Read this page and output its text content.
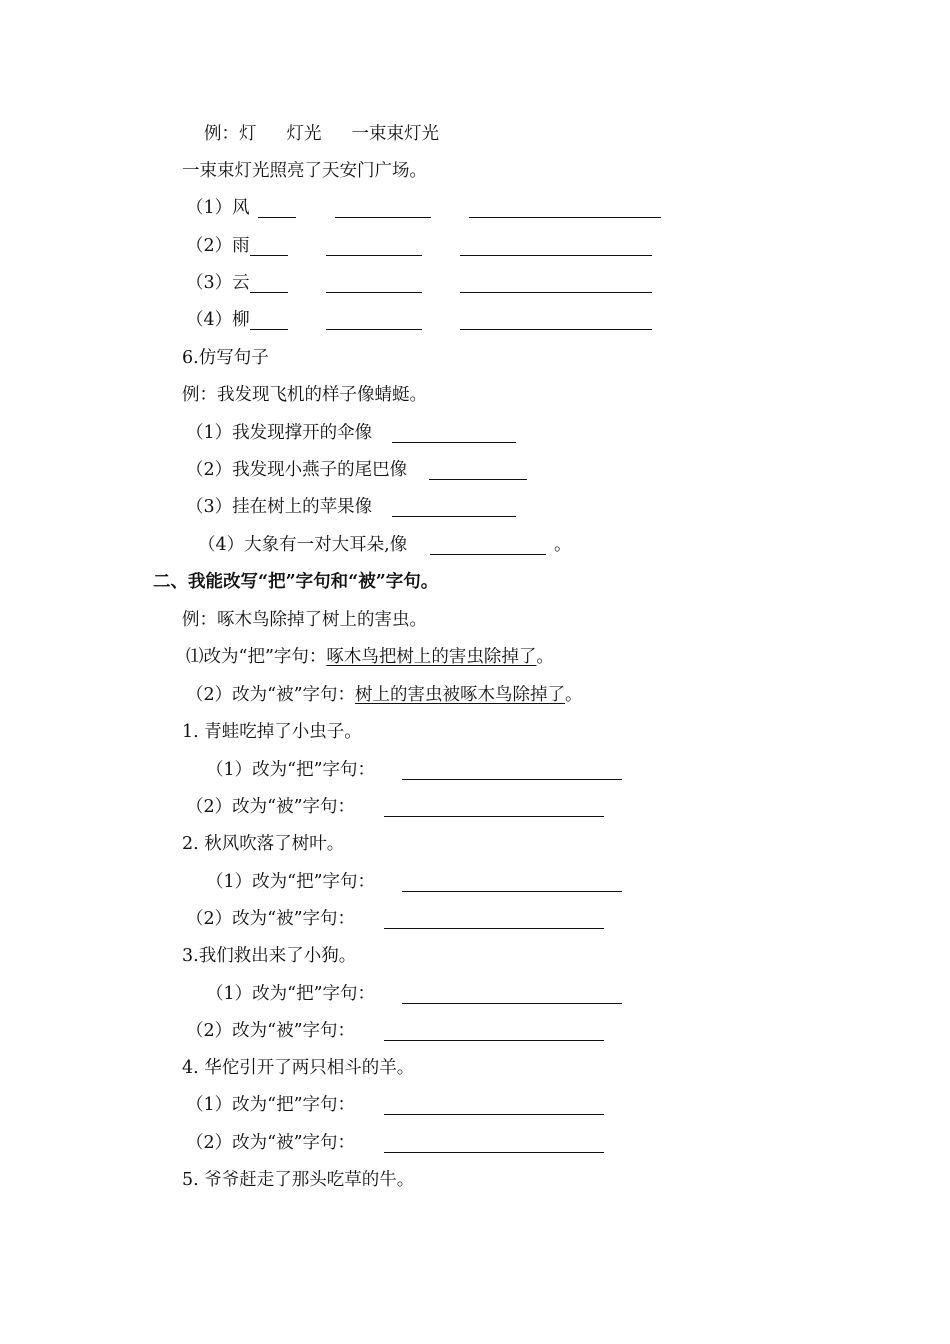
例：灯 灯光 一束束灯光
一束束灯光照亮了天安门广场。
（1）风
（2）雨
（3）云
（4）柳
6.仿写句子
例：我发现飞机的样子像蜻蜓。
（1）我发现撑开的伞像
（2）我发现小燕子的尾巴像
（3）挂在树上的苹果像
（4）大象有一对大耳朵,像	。
二、我能改写“把”字句和“被”字句。
例：啄木鸟除掉了树上的害虫。
⑴改为“把”字句：啄木鸟把树上的害虫除掉了。
（2）改为“被”字句：树上的害虫被啄木鸟除掉了。
1. 青蛙吃掉了小虫子。
（1）改为“把”字句：
（2）改为“被”字句：
2. 秋风吹落了树叶。
（1）改为“把”字句：
（2）改为“被”字句：
3.我们救出来了小狗。
（1）改为“把”字句：
（2）改为“被”字句：
4. 华佗引开了两只相斗的羊。
（1）改为“把”字句：
（2）改为“被”字句：
5. 爷爷赶走了那头吃草的牛。
